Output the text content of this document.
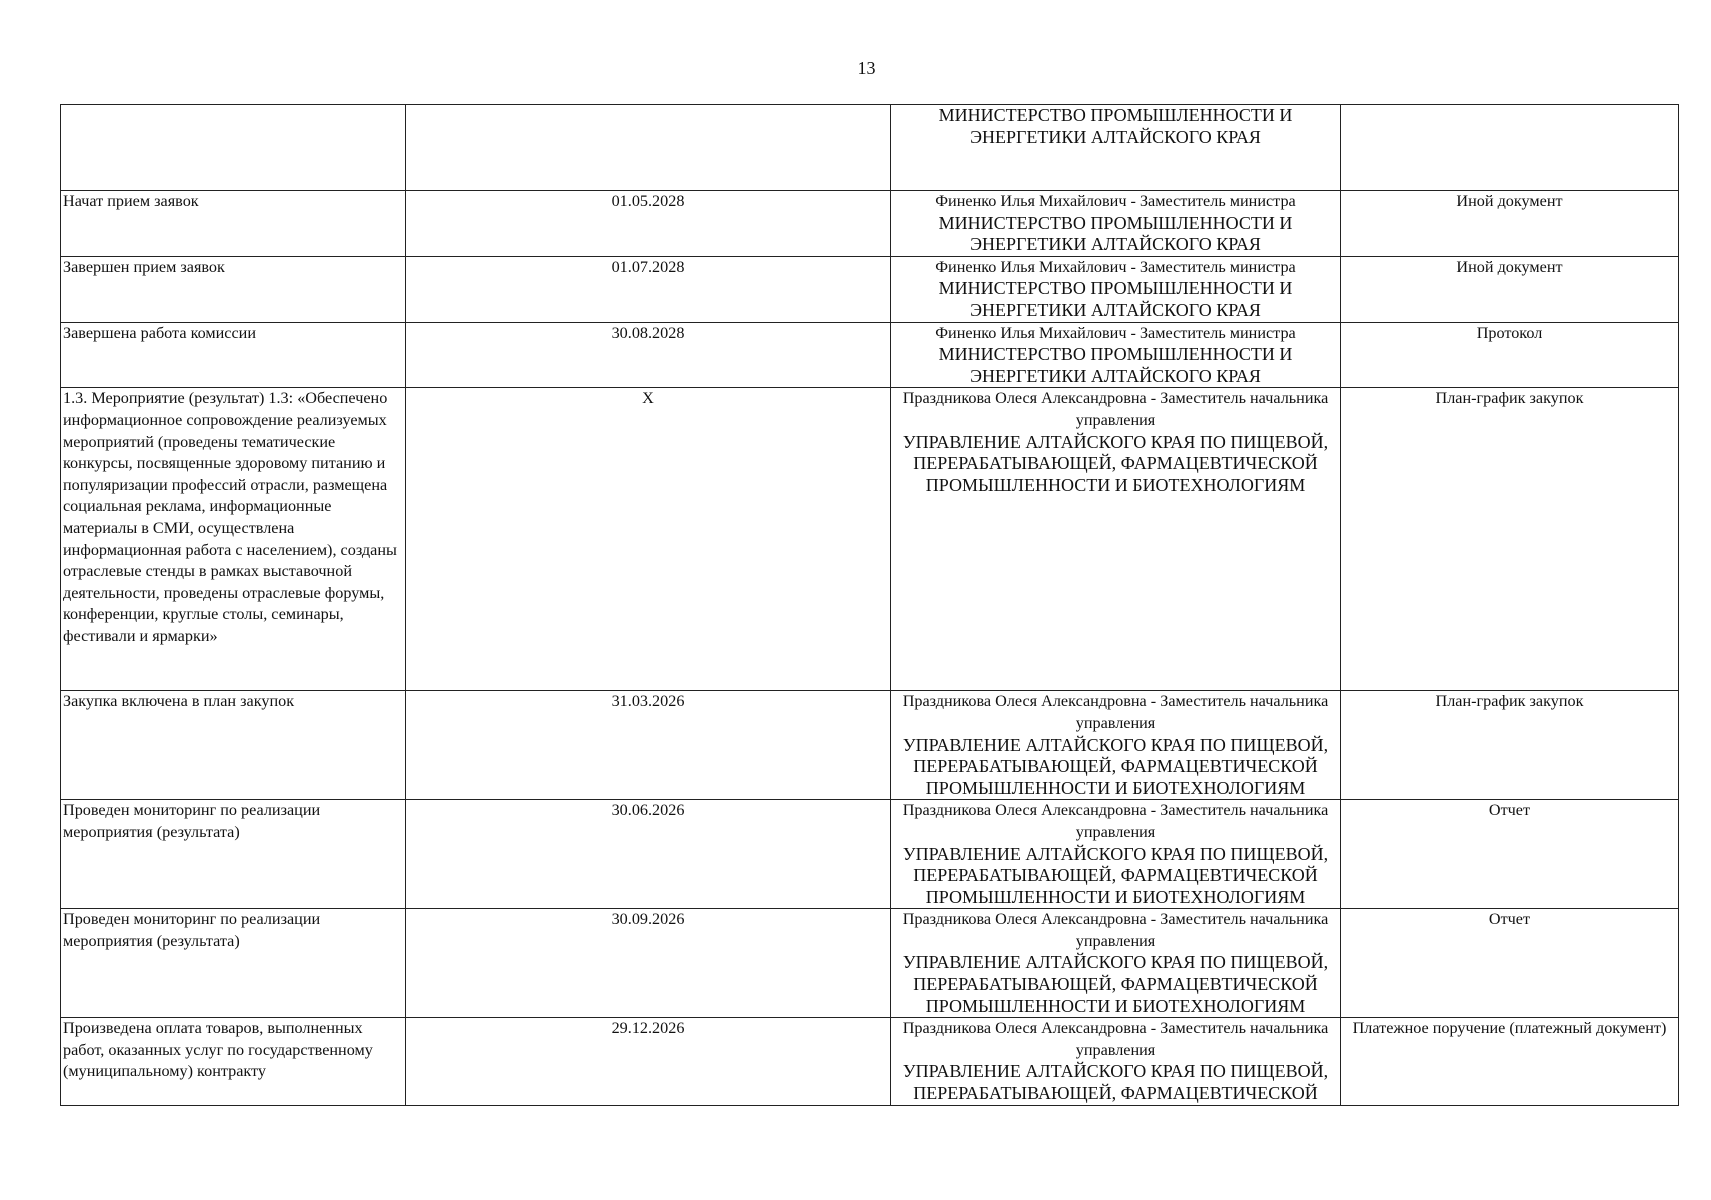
13

		МИНИСТЕРСТВО ПРОМЫШЛЕННОСТИ И ЭНЕРГЕТИКИ АЛТАЙСКОГО КРАЯ	

Начат прием заявок	01.05.2028	Финенко Илья Михайлович - Заместитель министра
МИНИСТЕРСТВО ПРОМЫШЛЕННОСТИ И ЭНЕРГЕТИКИ АЛТАЙСКОГО КРАЯ	Иной документ
Завершен прием заявок	01.07.2028	Финенко Илья Михайлович - Заместитель министра
МИНИСТЕРСТВО ПРОМЫШЛЕННОСТИ И ЭНЕРГЕТИКИ АЛТАЙСКОГО КРАЯ	Иной документ
Завершена работа комиссии	30.08.2028	Финенко Илья Михайлович - Заместитель министра
МИНИСТЕРСТВО ПРОМЫШЛЕННОСТИ И ЭНЕРГЕТИКИ АЛТАЙСКОГО КРАЯ	Протокол
1.3. Мероприятие (результат) 1.3: «Обеспечено информационное сопровождение реализуемых мероприятий (проведены тематические конкурсы, посвященные здоровому питанию и популяризации профессий отрасли, размещена социальная реклама, информационные материалы в СМИ, осуществлена информационная работа с населением), созданы отраслевые стенды в рамках выставочной деятельности, проведены отраслевые форумы, конференции, круглые столы, семинары, фестивали и ярмарки»	X	Праздникова Олеся Александровна - Заместитель начальника управления
УПРАВЛЕНИЕ АЛТАЙСКОГО КРАЯ ПО ПИЩЕВОЙ, ПЕРЕРАБАТЫВАЮЩЕЙ, ФАРМАЦЕВТИЧЕСКОЙ ПРОМЫШЛЕННОСТИ И БИОТЕХНОЛОГИЯМ	План-график закупок
Закупка включена в план закупок	31.03.2026	Праздникова Олеся Александровна - Заместитель начальника управления
УПРАВЛЕНИЕ АЛТАЙСКОГО КРАЯ ПО ПИЩЕВОЙ, ПЕРЕРАБАТЫВАЮЩЕЙ, ФАРМАЦЕВТИЧЕСКОЙ ПРОМЫШЛЕННОСТИ И БИОТЕХНОЛОГИЯМ	План-график закупок
Проведен мониторинг по реализации мероприятия (результата)	30.06.2026	Праздникова Олеся Александровна - Заместитель начальника управления
УПРАВЛЕНИЕ АЛТАЙСКОГО КРАЯ ПО ПИЩЕВОЙ, ПЕРЕРАБАТЫВАЮЩЕЙ, ФАРМАЦЕВТИЧЕСКОЙ ПРОМЫШЛЕННОСТИ И БИОТЕХНОЛОГИЯМ	Отчет
Проведен мониторинг по реализации мероприятия (результата)	30.09.2026	Праздникова Олеся Александровна - Заместитель начальника управления
УПРАВЛЕНИЕ АЛТАЙСКОГО КРАЯ ПО ПИЩЕВОЙ, ПЕРЕРАБАТЫВАЮЩЕЙ, ФАРМАЦЕВТИЧЕСКОЙ ПРОМЫШЛЕННОСТИ И БИОТЕХНОЛОГИЯМ	Отчет
Произведена оплата товаров, выполненных работ, оказанных услуг по государственному (муниципальному) контракту	29.12.2026	Праздникова Олеся Александровна - Заместитель начальника управления
УПРАВЛЕНИЕ АЛТАЙСКОГО КРАЯ ПО ПИЩЕВОЙ, ПЕРЕРАБАТЫВАЮЩЕЙ, ФАРМАЦЕВТИЧЕСКОЙ	Платежное поручение (платежный документ)
